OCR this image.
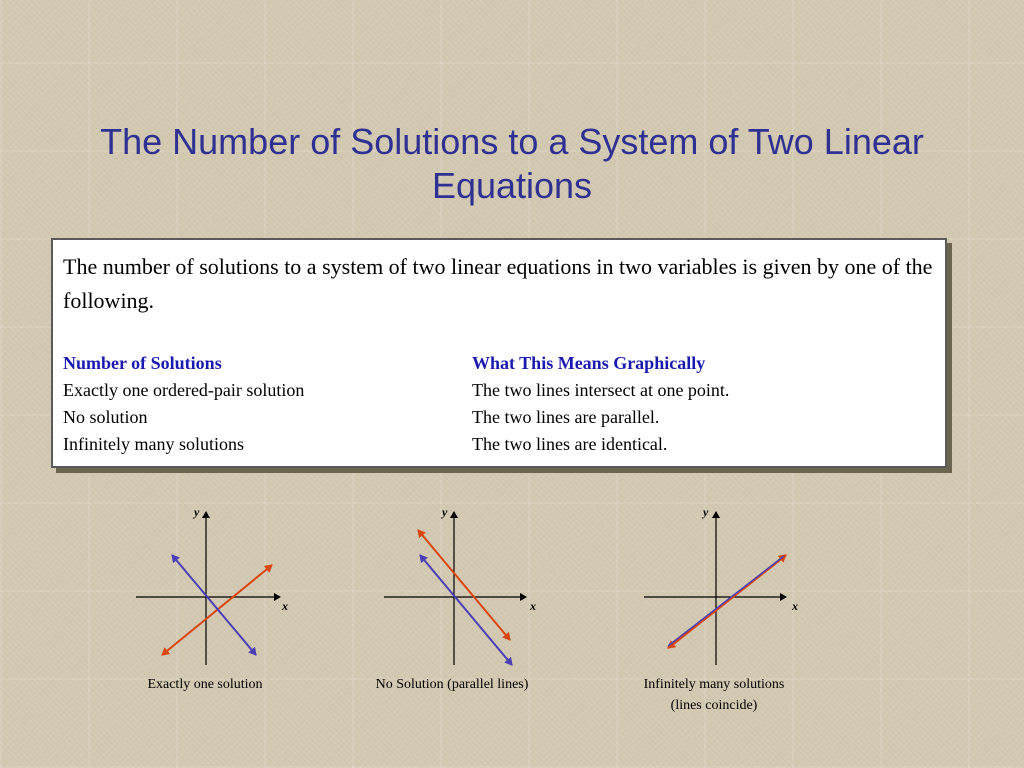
The Number of Solutions to a System of Two Linear Equations
The number of solutions to a system of two linear equations in two variables is given by one of the following.
Number of Solutions
Exactly one ordered-pair solution
No solution
Infinitely many solutions
What This Means Graphically
The two lines intersect at one point.
The two lines are parallel.
The two lines are identical.
x
y
Exactly one solution
x
y
No Solution (parallel lines)
x
y
Infinitely many solutions
(lines coincide)
